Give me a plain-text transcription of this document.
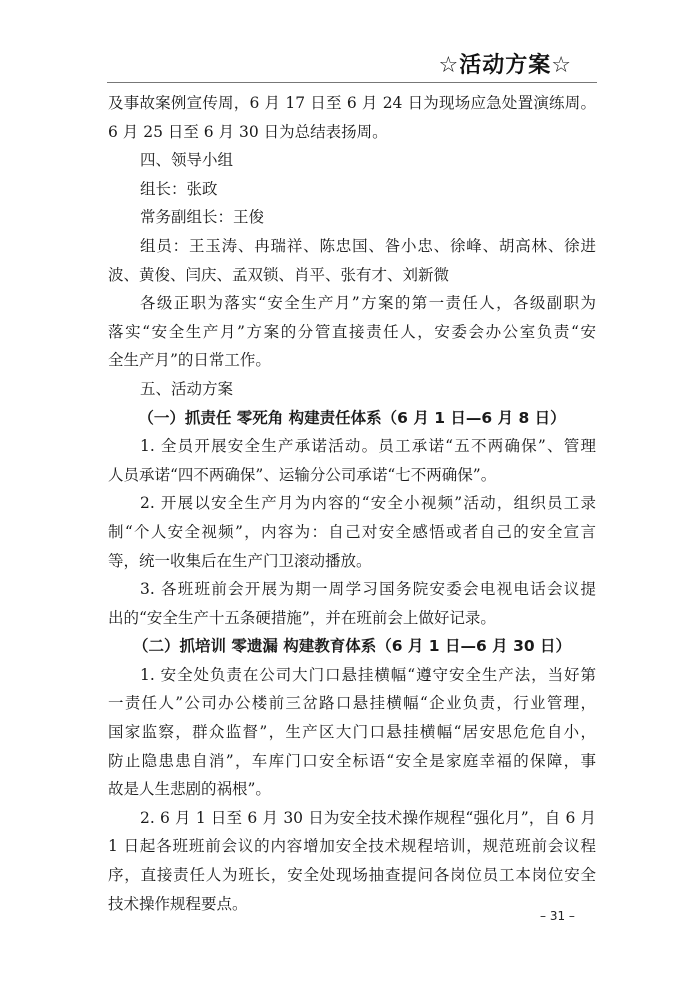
☆活动方案☆
及事故案例宣传周，6 月 17 日至 6 月 24 日为现场应急处置演练周。
6 月 25 日至 6 月 30 日为总结表扬周。
四、领导小组
组长：张政
常务副组长：王俊
组员：王玉涛、冉瑞祥、陈忠国、昝小忠、徐峰、胡高林、徐进
波、黄俊、闫庆、孟双锁、肖平、张有才、刘新微
各级正职为落实“安全生产月”方案的第一责任人，各级副职为
落实“安全生产月”方案的分管直接责任人，安委会办公室负责“安
全生产月”的日常工作。
五、活动方案
（一）抓责任 零死角 构建责任体系（6 月 1 日—6 月 8 日）
1. 全员开展安全生产承诺活动。员工承诺“五不两确保”、管理
人员承诺“四不两确保”、运输分公司承诺“七不两确保”。
2. 开展以安全生产月为内容的“安全小视频”活动，组织员工录
制“个人安全视频”，内容为：自己对安全感悟或者自己的安全宣言
等，统一收集后在生产门卫滚动播放。
3. 各班班前会开展为期一周学习国务院安委会电视电话会议提
出的“安全生产十五条硬措施”，并在班前会上做好记录。
（二）抓培训 零遗漏 构建教育体系（6 月 1 日—6 月 30 日）
1. 安全处负责在公司大门口悬挂横幅“遵守安全生产法，当好第
一责任人”公司办公楼前三岔路口悬挂横幅“企业负责，行业管理，
国家监察，群众监督”，生产区大门口悬挂横幅“居安思危危自小，
防止隐患患自消”，车库门口安全标语“安全是家庭幸福的保障，事
故是人生悲剧的祸根”。
2. 6 月 1 日至 6 月 30 日为安全技术操作规程“强化月”，自 6 月
1 日起各班班前会议的内容增加安全技术规程培训，规范班前会议程
序，直接责任人为班长，安全处现场抽查提问各岗位员工本岗位安全
技术操作规程要点。
– 31 –
